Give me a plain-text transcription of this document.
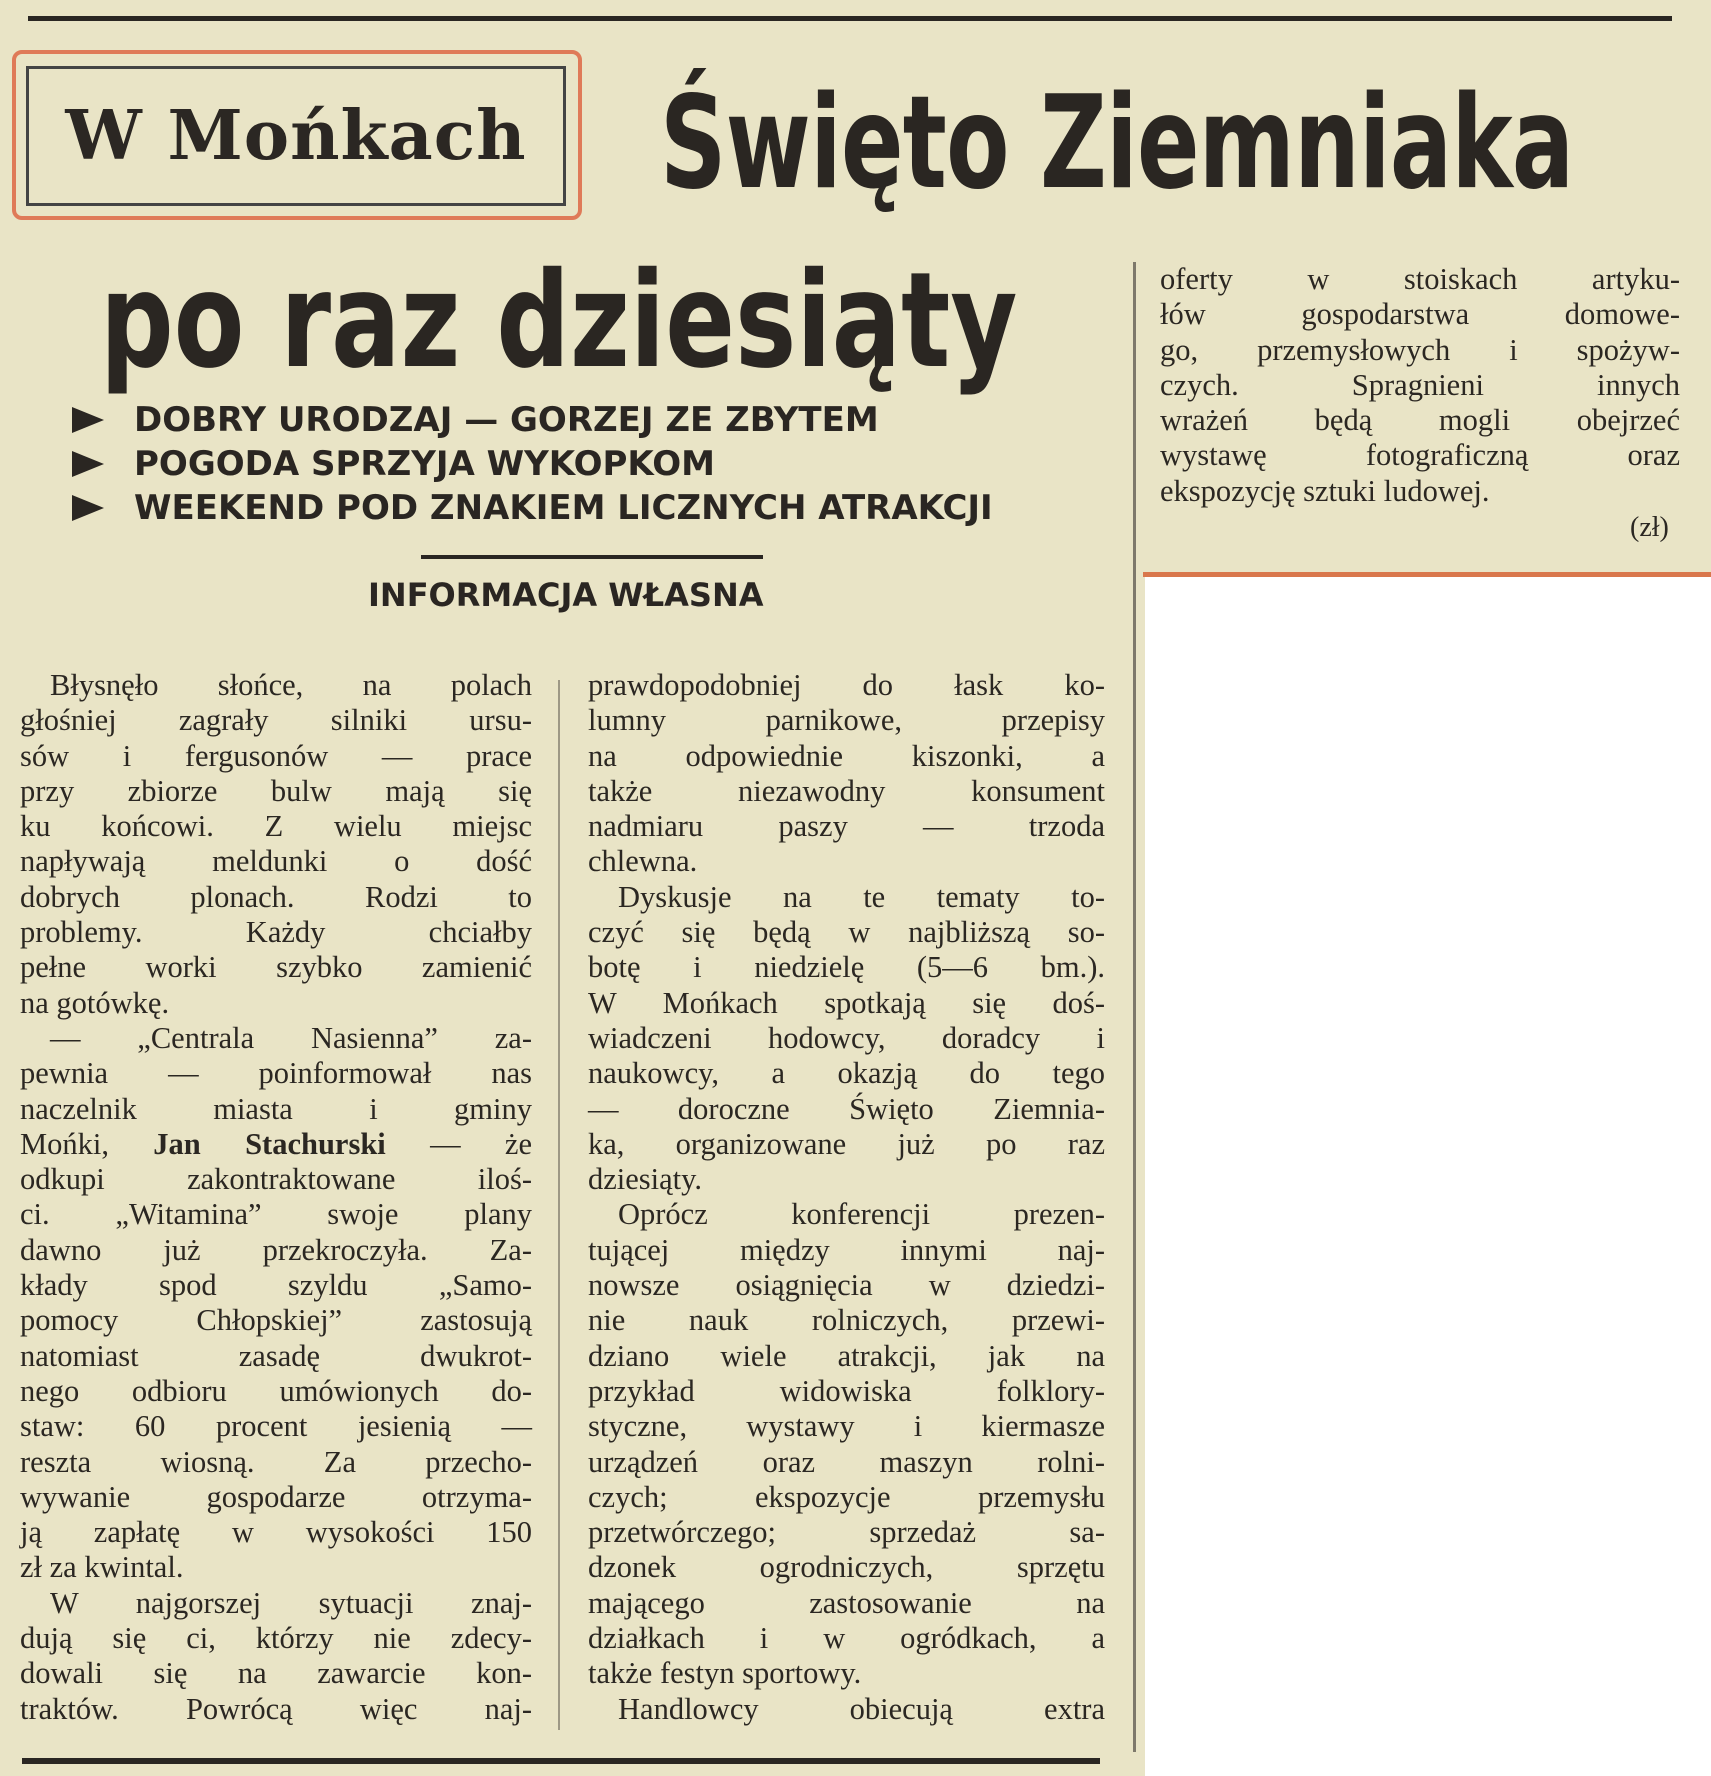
W Mońkach	Święto Ziemniaka
po raz dziesiąty
DOBRY URODZAJ — GORZEJ ZE ZBYTEM
POGODA SPRZYJA WYKOPKOM
WEEKEND POD ZNAKIEM LICZNYCH ATRAKCJI
INFORMACJA WŁASNA
Błysnęło słońce, na polach
głośniej zagrały silniki ursu-
sów i fergusonów — prace
przy zbiorze bulw mają się
ku końcowi. Z wielu miejsc
napływają meldunki o dość
dobrych plonach. Rodzi to
problemy. Każdy chciałby
pełne worki szybko zamienić
na gotówkę.
— „Centrala Nasienna” za-
pewnia — poinformował nas
naczelnik miasta i gminy
Mońki, Jan Stachurski — że
odkupi zakontraktowane iloś-
ci. „Witamina” swoje plany
dawno już przekroczyła. Za-
kłady spod szyldu „Samo-
pomocy Chłopskiej” zastosują
natomiast zasadę dwukrot-
nego odbioru umówionych do-
staw: 60 procent jesienią —
reszta wiosną. Za przecho-
wywanie gospodarze otrzyma-
ją zapłatę w wysokości 150
zł za kwintal.
W najgorszej sytuacji znaj-
dują się ci, którzy nie zdecy-
dowali się na zawarcie kon-
traktów. Powrócą więc naj-
prawdopodobniej do łask ko-
lumny parnikowe, przepisy
na odpowiednie kiszonki, a
także niezawodny konsument
nadmiaru paszy — trzoda
chlewna.
Dyskusje na te tematy to-
czyć się będą w najbliższą so-
botę i niedzielę (5—6 bm.).
W Mońkach spotkają się doś-
wiadczeni hodowcy, doradcy i
naukowcy, a okazją do tego
— doroczne Święto Ziemnia-
ka, organizowane już po raz
dziesiąty.
Oprócz konferencji prezen-
tującej między innymi naj-
nowsze osiągnięcia w dziedzi-
nie nauk rolniczych, przewi-
dziano wiele atrakcji, jak na
przykład widowiska folklory-
styczne, wystawy i kiermasze
urządzeń oraz maszyn rolni-
czych; ekspozycje przemysłu
przetwórczego; sprzedaż sa-
dzonek ogrodniczych, sprzętu
mającego zastosowanie na
działkach i w ogródkach, a
także festyn sportowy.
Handlowcy obiecują extra
oferty w stoiskach artyku-
łów gospodarstwa domowe-
go, przemysłowych i spożyw-
czych. Spragnieni innych
wrażeń będą mogli obejrzeć
wystawę fotograficzną oraz
ekspozycję sztuki ludowej.
(zł)
